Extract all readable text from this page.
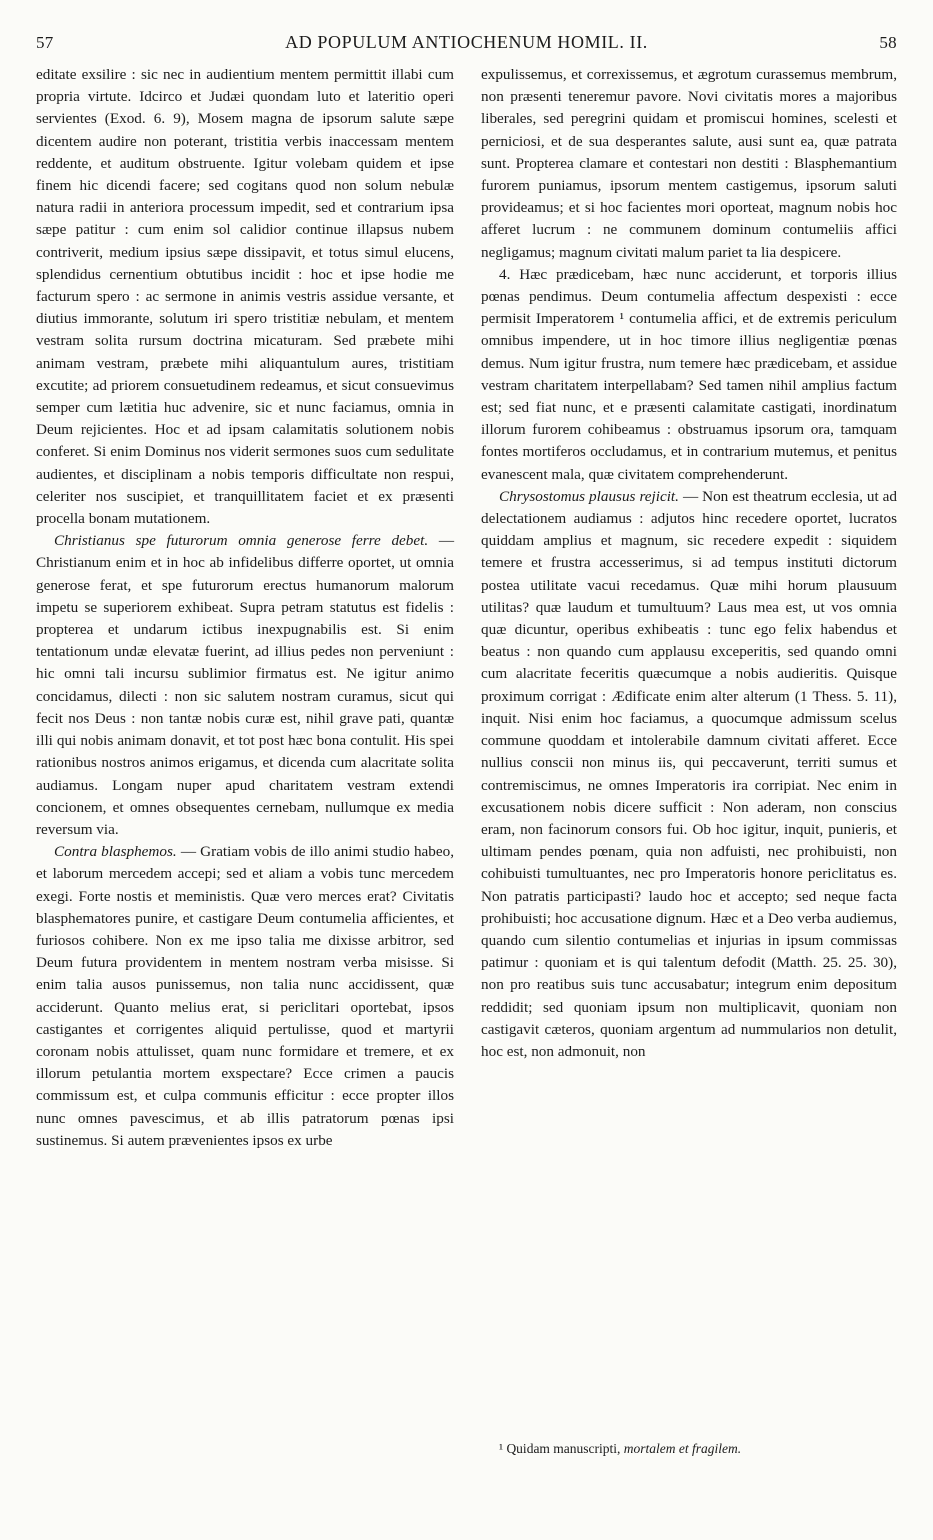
57	AD POPULUM ANTIOCHENUM HOMIL. II.	58

editate exsilire : sic nec in audientium mentem permittit illabi cum propria virtute. Idcirco et Judæi quondam luto et lateritio operi servientes (Exod. 6. 9), Mosem magna de ipsorum salute sæpe dicentem audire non poterant, tristitia verbis inaccessam mentem reddente, et auditum obstruente. Igitur volebam quidem et ipse finem hic dicendi facere; sed cogitans quod non solum nebulæ natura radii in anteriora processum impedit, sed et contrarium ipsa sæpe patitur : cum enim sol calidior continue illapsus nubem contriverit, medium ipsius sæpe dissipavit, et totus simul elucens, splendidus cernentium obtutibus incidit : hoc et ipse hodie me facturum spero : ac sermone in animis vestris assidue versante, et diutius immorante, solutum iri spero tristitiæ nebulam, et mentem vestram solita rursum doctrina micaturam. Sed præbete mihi animam vestram, præbete mihi aliquantulum aures, tristitiam excutite; ad priorem consuetudinem redeamus, et sicut consuevimus semper cum lætitia huc advenire, sic et nunc faciamus, omnia in Deum rejicientes. Hoc et ad ipsam calamitatis solutionem nobis conferet. Si enim Dominus nos viderit sermones suos cum sedulitate audientes, et disciplinam a nobis temporis difficultate non respui, celeriter nos suscipiet, et tranquillitatem faciet et ex præsenti procella bonam mutationem.

Christianus spe futurorum omnia generose ferre debet. — Christianum enim et in hoc ab infidelibus differre oportet, ut omnia generose ferat, et spe futurorum erectus humanorum malorum impetu se superiorem exhibeat. Supra petram statutus est fidelis : propterea et undarum ictibus inexpugnabilis est. Si enim tentationum undæ elevatæ fuerint, ad illius pedes non perveniunt : hic omni tali incursu sublimior firmatus est. Ne igitur animo concidamus, dilecti : non sic salutem nostram curamus, sicut qui fecit nos Deus : non tantæ nobis curæ est, nihil grave pati, quantæ illi qui nobis animam donavit, et tot post hæc bona contulit. His spei rationibus nostros animos erigamus, et dicenda cum alacritate solita audiamus. Longam nuper apud charitatem vestram extendi concionem, et omnes obsequentes cernebam, nullumque ex media reversum via.

Contra blasphemos. — Gratiam vobis de illo animi studio habeo, et laborum mercedem accepi; sed et aliam a vobis tunc mercedem exegi. Forte nostis et meministis. Quæ vero merces erat? Civitatis blasphematores punire, et castigare Deum contumelia afficientes, et furiosos cohibere. Non ex me ipso talia me dixisse arbitror, sed Deum futura providentem in mentem nostram verba misisse. Si enim talia ausos punissemus, non talia nunc accidissent, quæ acciderunt. Quanto melius erat, si periclitari oportebat, ipsos castigantes et corrigentes aliquid pertulisse, quod et martyrii coronam nobis attulisset, quam nunc formidare et tremere, et ex illorum petulantia mortem exspectare? Ecce crimen a paucis commissum est, et culpa communis efficitur : ecce propter illos nunc omnes pavescimus, et ab illis patratorum pœnas ipsi sustinemus. Si autem prævenientes ipsos ex urbe

expulissemus, et correxissemus, et ægrotum curassemus membrum, non præsenti teneremur pavore. Novi civitatis mores a majoribus liberales, sed peregrini quidam et promiscui homines, scelesti et perniciosi, et de sua desperantes salute, ausi sunt ea, quæ patrata sunt. Propterea clamare et contestari non destiti : Blasphemantium furorem puniamus, ipsorum mentem castigemus, ipsorum saluti provideamus; et si hoc facientes mori oporteat, magnum nobis hoc afferet lucrum : ne communem dominum contumeliis affici negligamus; magnum civitati malum pariet ta lia despicere.

4. Hæc prædicebam, hæc nunc acciderunt, et torporis illius pœnas pendimus. Deum contumelia affectum despexisti : ecce permisit Imperatorem ¹ contumelia affici, et de extremis periculum omnibus impendere, ut in hoc timore illius negligentiæ pœnas demus. Num igitur frustra, num temere hæc prædicebam, et assidue vestram charitatem interpellabam? Sed tamen nihil amplius factum est; sed fiat nunc, et e præsenti calamitate castigati, inordinatum illorum furorem cohibeamus : obstruamus ipsorum ora, tamquam fontes mortiferos occludamus, et in contrarium mutemus, et penitus evanescent mala, quæ civitatem comprehenderunt.

Chrysostomus plausus rejicit. — Non est theatrum ecclesia, ut ad delectationem audiamus : adjutos hinc recedere oportet, lucratos quiddam amplius et magnum, sic recedere expedit : siquidem temere et frustra accesserimus, si ad tempus instituti dictorum postea utilitate vacui recedamus. Quæ mihi horum plausuum utilitas? quæ laudum et tumultuum? Laus mea est, ut vos omnia quæ dicuntur, operibus exhibeatis : tunc ego felix habendus et beatus : non quando cum applausu exceperitis, sed quando omni cum alacritate feceritis quæcumque a nobis audieritis. Quisque proximum corrigat : Ædificate enim alter alterum (1 Thess. 5. 11), inquit. Nisi enim hoc faciamus, a quocumque admissum scelus commune quoddam et intolerabile damnum civitati afferet. Ecce nullius conscii non minus iis, qui peccaverunt, territi sumus et contremiscimus, ne omnes Imperatoris ira corripiat. Nec enim in excusationem nobis dicere sufficit : Non aderam, non conscius eram, non facinorum consors fui. Ob hoc igitur, inquit, punieris, et ultimam pendes pœnam, quia non adfuisti, nec prohibuisti, non cohibuisti tumultuantes, nec pro Imperatoris honore periclitatus es. Non patratis participasti? laudo hoc et accepto; sed neque facta prohibuisti; hoc accusatione dignum. Hæc et a Deo verba audiemus, quando cum silentio contumelias et injurias in ipsum commissas patimur : quoniam et is qui talentum defodit (Matth. 25. 25. 30), non pro reatibus suis tunc accusabatur; integrum enim depositum reddidit; sed quoniam ipsum non multiplicavit, quoniam non castigavit cæteros, quoniam argentum ad nummularios non detulit, hoc est, non admonuit, non

¹ Quidam manuscripti, mortalem et fragilem.
